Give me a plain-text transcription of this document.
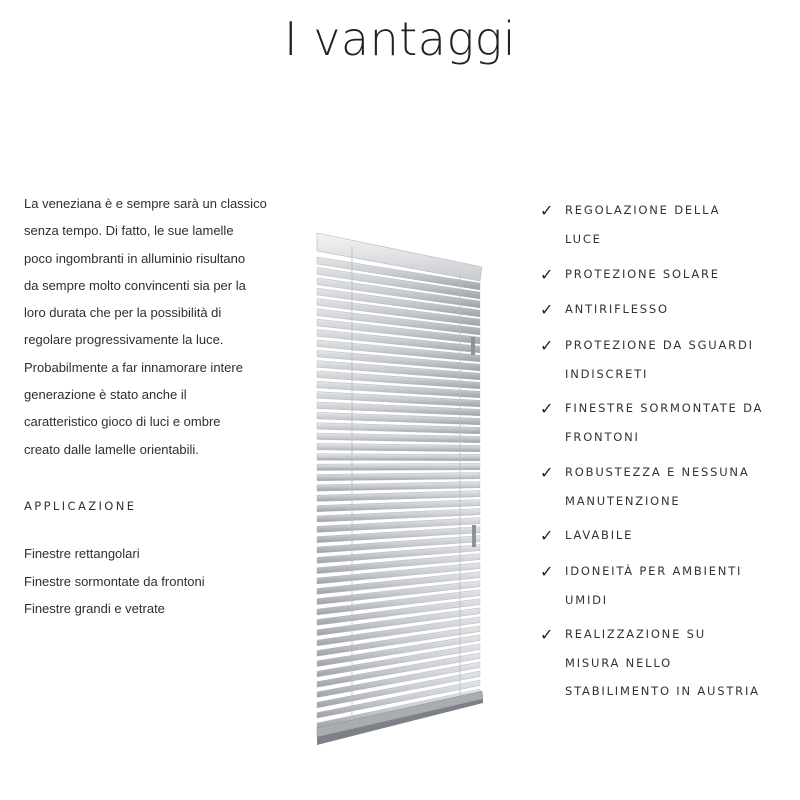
I vantaggi
La veneziana è e sempre sarà un classico
senza tempo. Di fatto, le sue lamelle
poco ingombranti in alluminio risultano
da sempre molto convincenti sia per la
loro durata che per la possibilità di
regolare progressivamente la luce.
Probabilmente a far innamorare intere
generazione è stato anche il
caratteristico gioco di luci e ombre
creato dalle lamelle orientabili.
APPLICAZIONE
Finestre rettangolari
Finestre sormontate da frontoni
Finestre grandi e vetrate
✓	REGOLAZIONE DELLA
LUCE
✓	PROTEZIONE SOLARE
✓	ANTIRIFLESSO
✓	PROTEZIONE DA SGUARDI
INDISCRETI
✓	FINESTRE SORMONTATE DA
FRONTONI
✓	ROBUSTEZZA E NESSUNA
MANUTENZIONE
✓	LAVABILE
✓	IDONEITÀ PER AMBIENTI
UMIDI
✓	REALIZZAZIONE SU
MISURA NELLO
STABILIMENTO IN AUSTRIA
